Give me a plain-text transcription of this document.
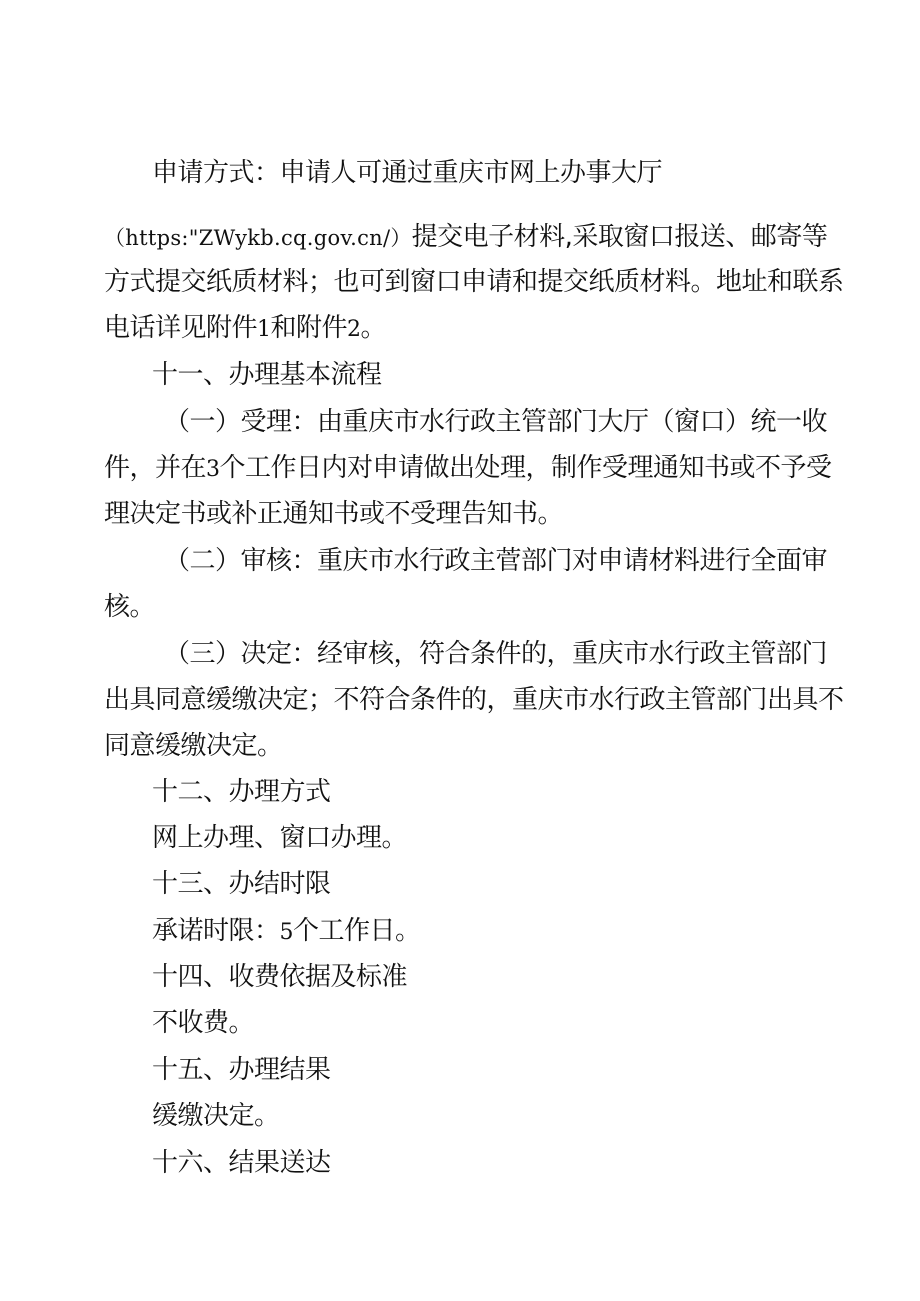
申请方式：申请人可通过重庆市网上办事大厅
（https:"ZWykb.cq.gov.cn/）提交电子材料,采取窗口报送、邮寄等
方式提交纸质材料；也可到窗口申请和提交纸质材料。地址和联系
电话详见附件1和附件2。
十一、办理基本流程
（一）受理：由重庆市水行政主管部门大厅（窗口）统一收
件，并在3个工作日内对申请做出处理，制作受理通知书或不予受
理决定书或补正通知书或不受理告知书。
（二）审核：重庆市水行政主菅部门对申请材料进行全面审
核。
（三）决定：经审核，符合条件的，重庆市水行政主管部门
出具同意缓缴决定；不符合条件的，重庆市水行政主管部门出具不
同意缓缴决定。
十二、办理方式
网上办理、窗口办理。
十三、办结时限
承诺时限：5个工作日。
十四、收费依据及标准
不收费。
十五、办理结果
缓缴决定。
十六、结果送达
